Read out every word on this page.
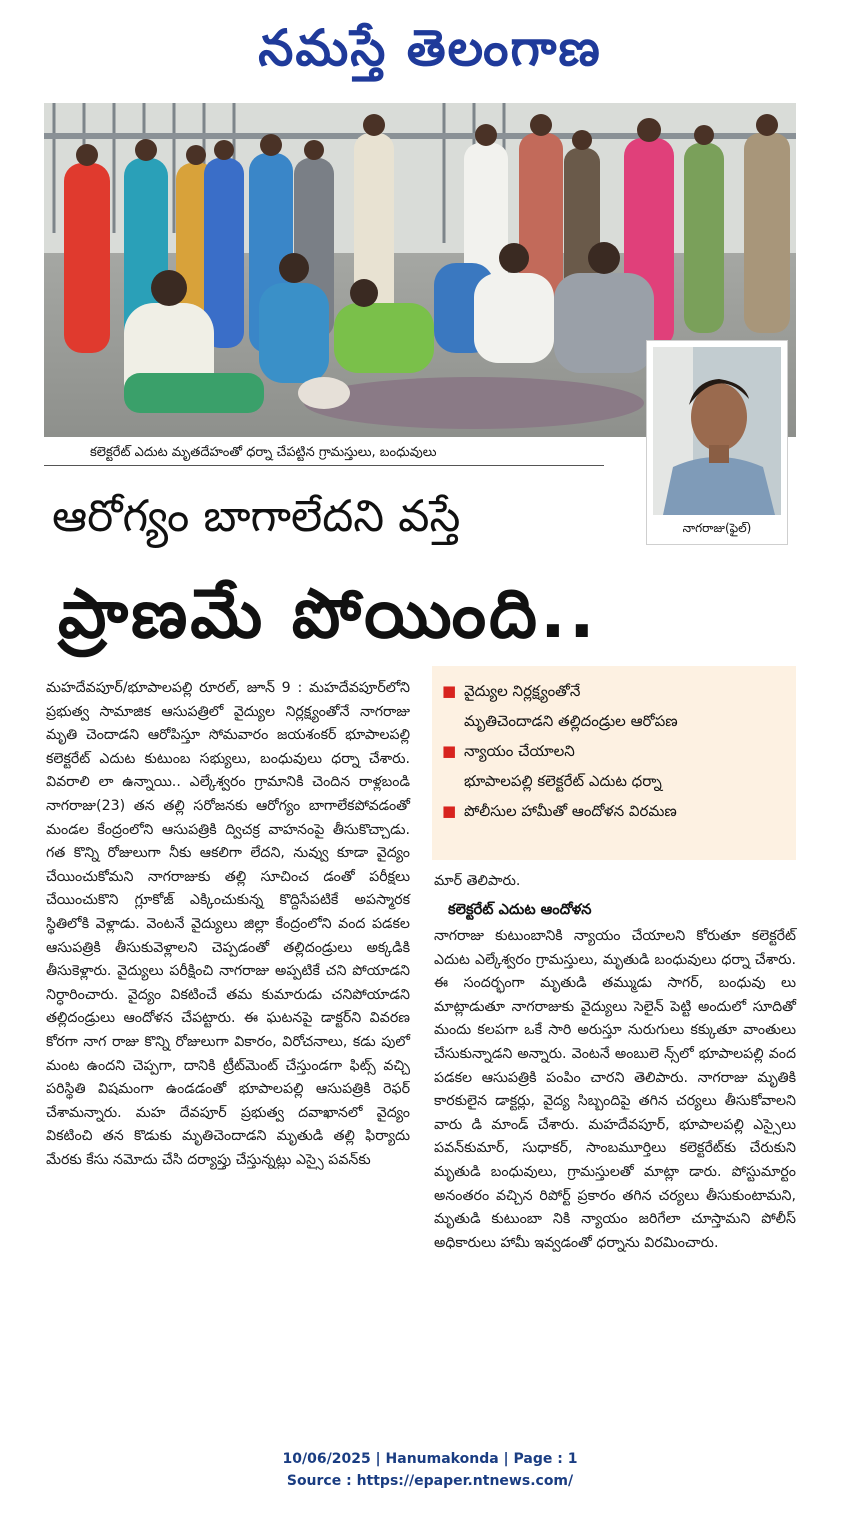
నమస్తే తెలంగాణ
కలెక్టరేట్ ఎదుట మృతదేహంతో ధర్నా చేపట్టిన గ్రామస్తులు, బంధువులు
నాగరాజు(ఫైల్)
ఆరోగ్యం బాగాలేదని వస్తే
ప్రాణమే పోయింది..
మహదేవపూర్/భూపాలపల్లి రూరల్, జూన్ 9 : మహదేవపూర్‌లోని ప్రభుత్వ సామాజిక ఆసుపత్రిలో వైద్యుల నిర్లక్ష్యంతోనే నాగరాజు మృతి చెందాడని ఆరోపిస్తూ సోమవారం జయశంకర్ భూపాలపల్లి కలెక్టరేట్ ఎదుట కుటుంబ సభ్యులు, బంధువులు ధర్నా చేశారు. వివరాలి లా ఉన్నాయి.. ఎల్కేశ్వరం గ్రామానికి చెందిన రాళ్లబండి నాగరాజు(23) తన తల్లి సరోజనకు ఆరోగ్యం బాగాలేకపోవడంతో మండల కేంద్రంలోని ఆసుపత్రికి ద్విచక్ర వాహనంపై తీసుకొచ్చాడు. గత కొన్ని రోజులుగా నీకు ఆకలిగా లేదని, నువ్వు కూడా వైద్యం చేయించుకోమని నాగరాజుకు తల్లి సూచించ డంతో పరీక్షలు చేయించుకొని గ్లూకోజ్ ఎక్కించుకున్న కొద్దిసేపటికే అపస్మారక స్థితిలోకి వెళ్లాడు. వెంటనే వైద్యులు జిల్లా కేంద్రంలోని వంద పడకల ఆసుపత్రికి తీసుకువెళ్లాలని చెప్పడంతో తల్లిదండ్రులు అక్కడికి తీసుకెళ్లారు. వైద్యులు పరీక్షించి నాగరాజు అప్పటికే చని పోయాడని నిర్ధారించారు. వైద్యం వికటించే తమ కుమారుడు చనిపోయాడని తల్లిదండ్రులు ఆందోళన చేపట్టారు. ఈ ఘటనపై డాక్టర్‌ని వివరణ కోరగా నాగ రాజు కొన్ని రోజులుగా వికారం, విరోచనాలు, కడు పులో మంట ఉందని చెప్పగా, దానికి ట్రీట్‌మెంట్ చేస్తుండగా ఫిట్స్ వచ్చి పరిస్థితి విషమంగా ఉండడంతో భూపాలపల్లి ఆసుపత్రికి రెఫర్ చేశామన్నారు. మహ దేవపూర్ ప్రభుత్వ దవాఖానలో వైద్యం వికటించి తన కొడుకు మృతిచెందాడని మృతుడి తల్లి ఫిర్యాదు మేరకు కేసు నమోదు చేసి దర్యాప్తు చేస్తున్నట్లు ఎస్సై పవన్‌కు
■ వైద్యుల నిర్లక్ష్యంతోనే
మృతిచెందాడని తల్లిదండ్రుల ఆరోపణ
■ న్యాయం చేయాలని
భూపాలపల్లి కలెక్టరేట్ ఎదుట ధర్నా
■ పోలీసుల హామీతో ఆందోళన విరమణ
మార్ తెలిపారు.
కలెక్టరేట్ ఎదుట ఆందోళన
నాగరాజు కుటుంబానికి న్యాయం చేయాలని కోరుతూ కలెక్టరేట్ ఎదుట ఎల్కేశ్వరం గ్రామస్తులు, మృతుడి బంధువులు ధర్నా చేశారు. ఈ సందర్భంగా మృతుడి తమ్ముడు సాగర్, బంధువు లు మాట్లాడుతూ నాగరాజుకు వైద్యులు సెలైన్ పెట్టి అందులో సూదితో మందు కలపగా ఒకే సారి అరుస్తూ నురుగులు కక్కుతూ వాంతులు చేసుకున్నాడని అన్నారు. వెంటనే అంబులె న్స్‌లో భూపాలపల్లి వంద పడకల ఆసుపత్రికి పంపిం చారని తెలిపారు. నాగరాజు మృతికి కారకులైన డాక్టర్లు, వైద్య సిబ్బందిపై తగిన చర్యలు తీసుకోవాలని వారు డి మాండ్ చేశారు. మహదేవపూర్, భూపాలపల్లి ఎస్సైలు పవన్‌కుమార్, సుధాకర్, సాంబమూర్తిలు కలెక్టరేట్‌కు చేరుకుని మృతుడి బంధువులు, గ్రామస్తులతో మాట్లా డారు. పోస్టుమార్టం అనంతరం వచ్చిన రిపోర్ట్ ప్రకారం తగిన చర్యలు తీసుకుంటామని, మృతుడి కుటుంబా నికి న్యాయం జరిగేలా చూస్తామని పోలీస్ అధికారులు హామీ ఇవ్వడంతో ధర్నాను విరమించారు.
10/06/2025 | Hanumakonda | Page : 1
Source : https://epaper.ntnews.com/
